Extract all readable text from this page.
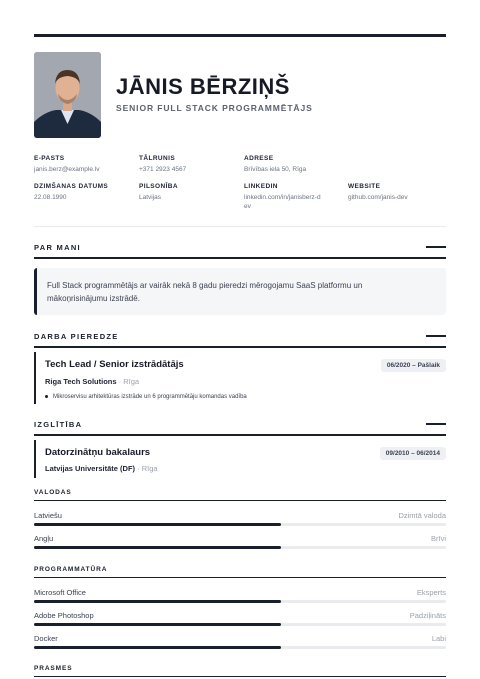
JĀNIS BĒRZIŅŠ
SENIOR FULL STACK PROGRAMMĒTĀJS
E-PASTS
janis.berz@example.lv
TĀLRUNIS
+371 2923 4567
ADRESE
Brīvības iela 50, Rīga
DZIMŠANAS DATUMS
22.08.1990
PILSONĪBA
Latvijas
LINKEDIN
linkedin.com/in/janisberz-d
ev
WEBSITE
github.com/janis-dev
PAR MANI
Full Stack programmētājs ar vairāk nekā 8 gadu pieredzi mērogojamu SaaS platformu un
mākoņrisinājumu izstrādē.
DARBA PIEREDZE
Tech Lead / Senior izstrādātājs	06/2020 – Pašlaik
Riga Tech Solutions · Rīga
Mikroservisu arhitektūras izstrāde un 6 programmētāju komandas vadība
IZGLĪTĪBA
Datorzinātņu bakalaurs	09/2010 – 06/2014
Latvijas Universitāte (DF) · Rīga
VALODAS
Latviešu	Dzimtā valoda
Angļu	Brīvi
PROGRAMMATŪRA
Microsoft Office	Eksperts
Adobe Photoshop	Padziļināts
Docker	Labi
PRASMES
